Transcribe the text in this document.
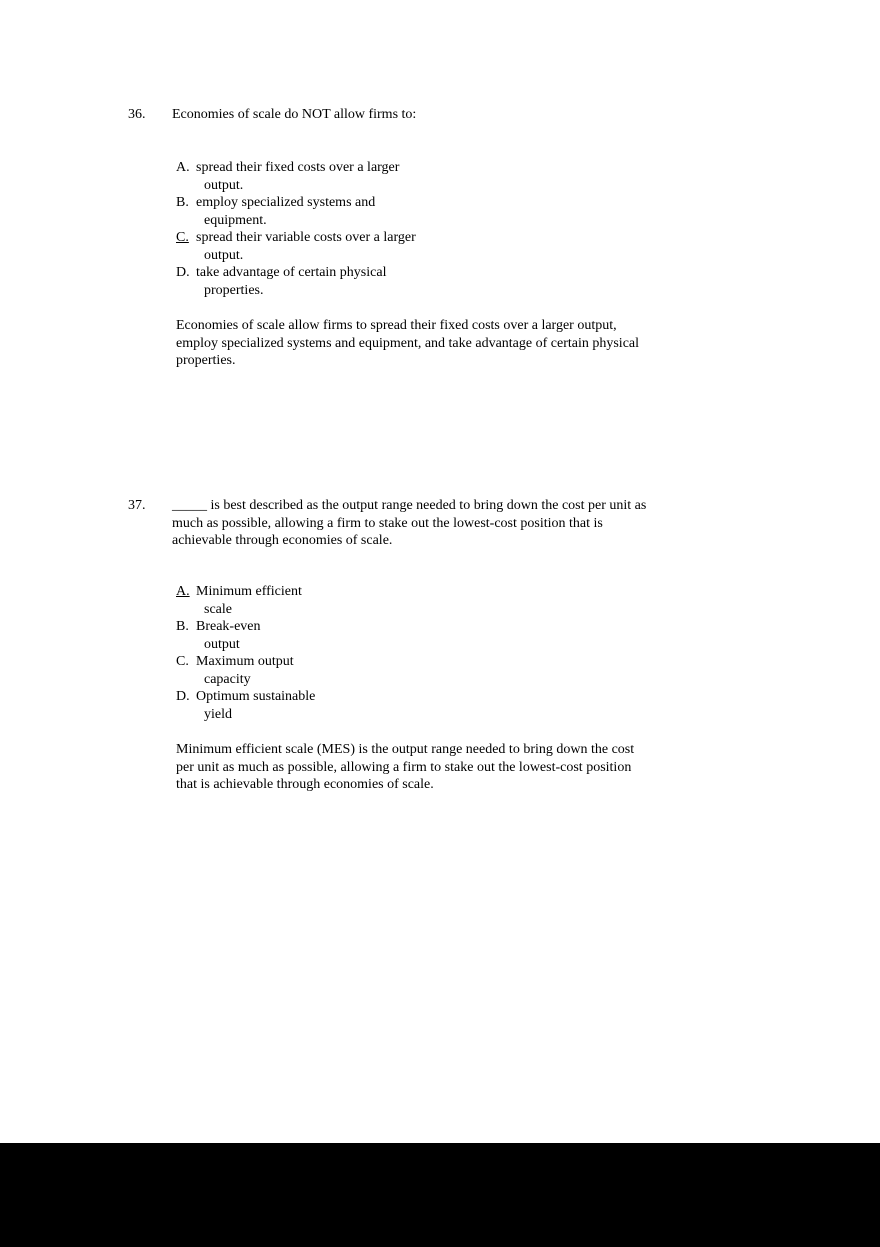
36.	Economies of scale do NOT allow firms to:
A. spread their fixed costs over a larger
output.
B. employ specialized systems and
equipment.
C. spread their variable costs over a larger
output.
D. take advantage of certain physical
properties.
Economies of scale allow firms to spread their fixed costs over a larger output, employ specialized systems and equipment, and take advantage of certain physical properties.
37.	_____ is best described as the output range needed to bring down the cost per unit as much as possible, allowing a firm to stake out the lowest-cost position that is achievable through economies of scale.
A. Minimum efficient
scale
B. Break-even
output
C. Maximum output
capacity
D. Optimum sustainable
yield
Minimum efficient scale (MES) is the output range needed to bring down the cost per unit as much as possible, allowing a firm to stake out the lowest-cost position that is achievable through economies of scale.
